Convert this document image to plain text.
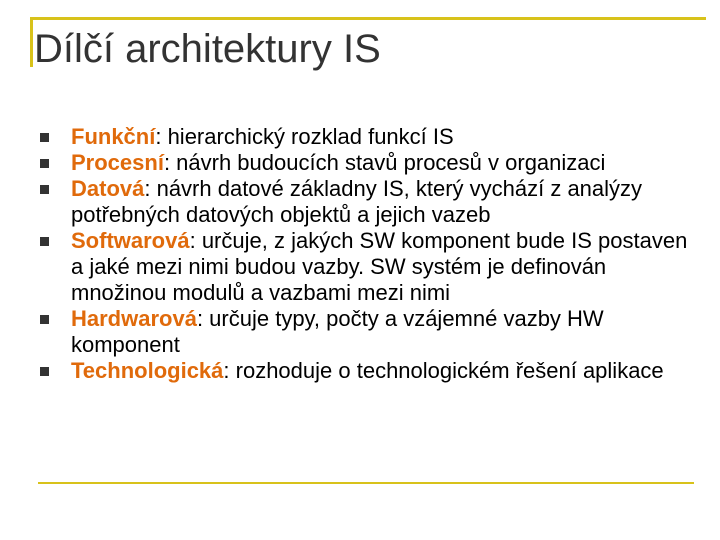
Dílčí architektury IS
Funkční: hierarchický rozklad funkcí IS
Procesní: návrh budoucích stavů procesů v organizaci
Datová: návrh datové základny IS, který vychází z analýzy potřebných datových objektů a jejich vazeb
Softwarová: určuje, z jakých SW komponent bude IS postaven a jaké mezi nimi budou vazby. SW systém je definován množinou modulů a vazbami mezi nimi
Hardwarová: určuje typy, počty a vzájemné vazby HW komponent
Technologická: rozhoduje o technologickém řešení aplikace
